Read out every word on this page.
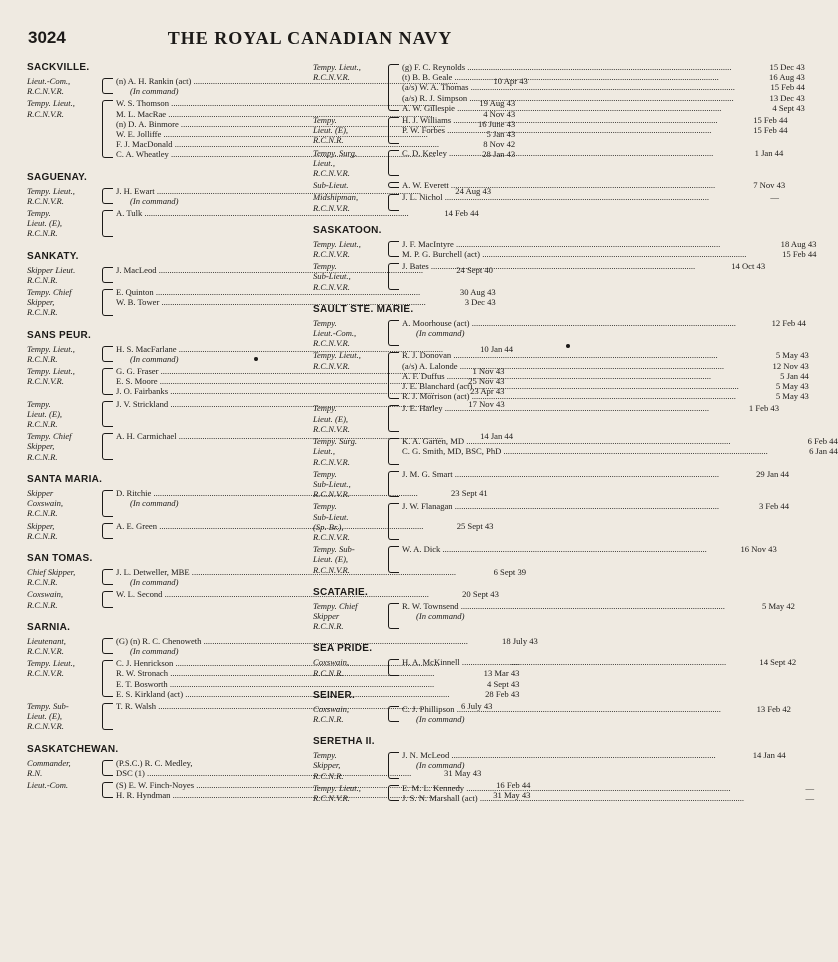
3024	THE ROYAL CANADIAN NAVY
SACKVILLE.
Lieut.-Com.,
R.C.N.V.R.
(n) A. H. Rankin (act) .....	10 Apr 43
(In command)
Tempy. Lieut.,
R.C.N.V.R.
W. S. Thomson .....	19 Aug 43
M. L. MacRae .....	4 Nov 43
(n) D. A. Binmore .....	16 June 43
W. E. Jolliffe .....	5 Jan 43
F. J. MacDonald .....	8 Nov 42
C. A. Wheatley .....	28 Jan 43
SAGUENAY.
Tempy. Lieut.,
R.C.N.V.R.
J. H. Ewart .....	24 Aug 43
(In command)
Tempy.
Lieut. (E),
R.C.N.R.
A. Tulk .....	14 Feb 44
SANKATY.
Skipper Lieut.
R.C.N.R.
J. MacLeod .....	24 Sept 40
Tempy. Chief
Skipper,
R.C.N.R.
E. Quinton .....	30 Aug 43
W. B. Tower .....	3 Dec 43
SANS PEUR.
Tempy. Lieut.,
R.C.N.R.
H. S. MacFarlane .....	10 Jan 44
(In command)
Tempy. Lieut.,
R.C.N.V.R.
G. G. Fraser .....	1 Nov 43
E. S. Moore .....	25 Nov 43
J. O. Fairbanks .....	23 Apr 43
Tempy.
Lieut. (E),
R.C.N.R.
J. V. Strickland .....	17 Nov 43
Tempy. Chief
Skipper,
R.C.N.R.
A. H. Carmichael .....	14 Jan 44
SANTA MARIA.
Skipper
Coxswain,
R.C.N.R.
D. Ritchie .....	23 Sept 41
(In command)
Skipper,
R.C.N.R.
A. E. Green .....	25 Sept 43
SAN TOMAS.
Chief Skipper,
R.C.N.R.
J. L. Detweller, MBE .....	6 Sept 39
(In command)
Coxswain,
R.C.N.R.
W. L. Second .....	20 Sept 43
SARNIA.
Lieutenant,
R.C.N.V.R.
(G) (n) R. C. Chenoweth .....	18 July 43
(In command)
Tempy. Lieut.,
R.C.N.V.R.
C. J. Henrickson .....	—
R. W. Stronach .....	13 Mar 43
E. T. Bosworth .....	4 Sept 43
E. S. Kirkland (act) .....	28 Feb 43
Tempy. Sub-
Lieut. (E),
R.C.N.V.R.
T. R. Walsh .....	6 July 43
SASKATCHEWAN.
Commander,
R.N.
(P.S.C.) R. C. Medley,
DSC (1) .....	31 May 43
Lieut.-Com.	(S) E. W. Finch-Noyes .....	16 Feb 44
H. R. Hyndman .....	31 May 43
Tempy. Lieut.,
R.C.N.V.R.
(g) F. C. Reynolds .....	15 Dec 43
(t) B. B. Geale .....	16 Aug 43
(a/s) W. A. Thomas .....	15 Feb 44
(a/s) R. J. Simpson .....	13 Dec 43
A. W. Gillespie .....	4 Sept 43
Tempy.
Lieut. (E),
R.C.N.R.
H. J. Williams .....	15 Feb 44
P. W. Forbes .....	15 Feb 44
Tempy. Surg.
Lieut.,
R.C.N.V.R.
C. D. Keeley .....	1 Jan 44
Sub-Lieut.	A. W. Everett .....	7 Nov 43
Midshipman,
R.C.N.V.R.
J. L. Nichol .....	—
SASKATOON.
Tempy. Lieut.,
R.C.N.V.R.
J. F. MacIntyre .....	18 Aug 43
M. P. G. Burchell (act) .....	15 Feb 44
Tempy.
Sub-Lieut.,
R.C.N.V.R.
J. Bates .....	14 Oct 43
SAULT STE. MARIE.
Tempy.
Lieut.-Com.,
R.C.N.V.R.
A. Moorhouse (act) .....	12 Feb 44
(In command)
Tempy. Lieut.,
R.C.N.V.R.
R. J. Donovan .....	5 May 43
(a/s) A. Lalonde .....	12 Nov 43
A. F. Duffus .....	5 Jan 44
J. E. Blanchard (act) .....	5 May 43
R. J. Morrison (act) .....	5 May 43
Tempy.
Lieut. (E),
R.C.N.V.R.
J. E. Harley .....	1 Feb 43
Tempy. Surg.
Lieut.,
R.C.N.V.R.
K. A. Garten, MD .....	6 Feb 44
C. G. Smith, MD, BSC, PhD .....	6 Jan 44
Tempy.
Sub-Lieut.,
R.C.N.V.R.
J. M. G. Smart .....	29 Jan 44
Tempy.
Sub-Lieut.
(Sp. Br.),
R.C.N.V.R.
J. W. Flanagan .....	3 Feb 44
Tempy. Sub-
Lieut. (E),
R.C.N.V.R.
W. A. Dick .....	16 Nov 43
SCATARIE.
Tempy. Chief
Skipper
R.C.N.R.
R. W. Townsend .....	5 May 42
(In command)
SEA PRIDE.
Coxswain,
R.C.N.R.
H. A. McKinnell .....	14 Sept 42
SEINER.
Coxswain,
R.C.N.R.
C. J. Phillipson .....	13 Feb 42
(In command)
SERETHA II.
Tempy.
Skipper,
R.C.N.R.
J. N. McLeod .....	14 Jan 44
(In command)
Tempy. Lieut.,
R.C.N.V.R.
E. M. L. Kennedy .....	—
J. S. N. Marshall (act) .....	—
